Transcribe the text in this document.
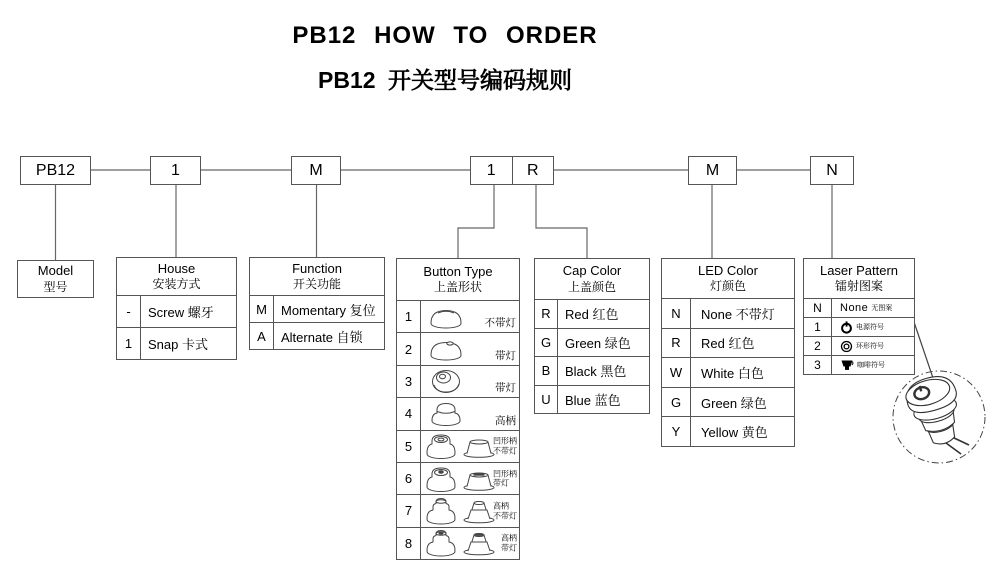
PB12 HOW TO ORDER
PB12 开关型号编码规则
PB12	1	M	1	R	M	N
Model
型号
House
安装方式
-	Screw 螺牙
1	Snap 卡式
Function
开关功能
M	Momentary 复位
A	Alternate 自锁
Button Type
上盖形状
1	不带灯
2	带灯
3	带灯
4	高柄
5	凹形柄
不带灯
6	凹形柄
带灯
7	高柄
不带灯
8	高柄
带灯
Cap Color
上盖颜色
R	Red 红色
G	Green 绿色
B	Black 黑色
U	Blue 蓝色
LED Color
灯颜色
N	None 不带灯
R	Red 红色
W	White 白色
G	Green 绿色
Y	Yellow 黄色
Laser Pattern
镭射图案
N	None 无图案
1	电源符号
2	环形符号
3	咖啡符号
